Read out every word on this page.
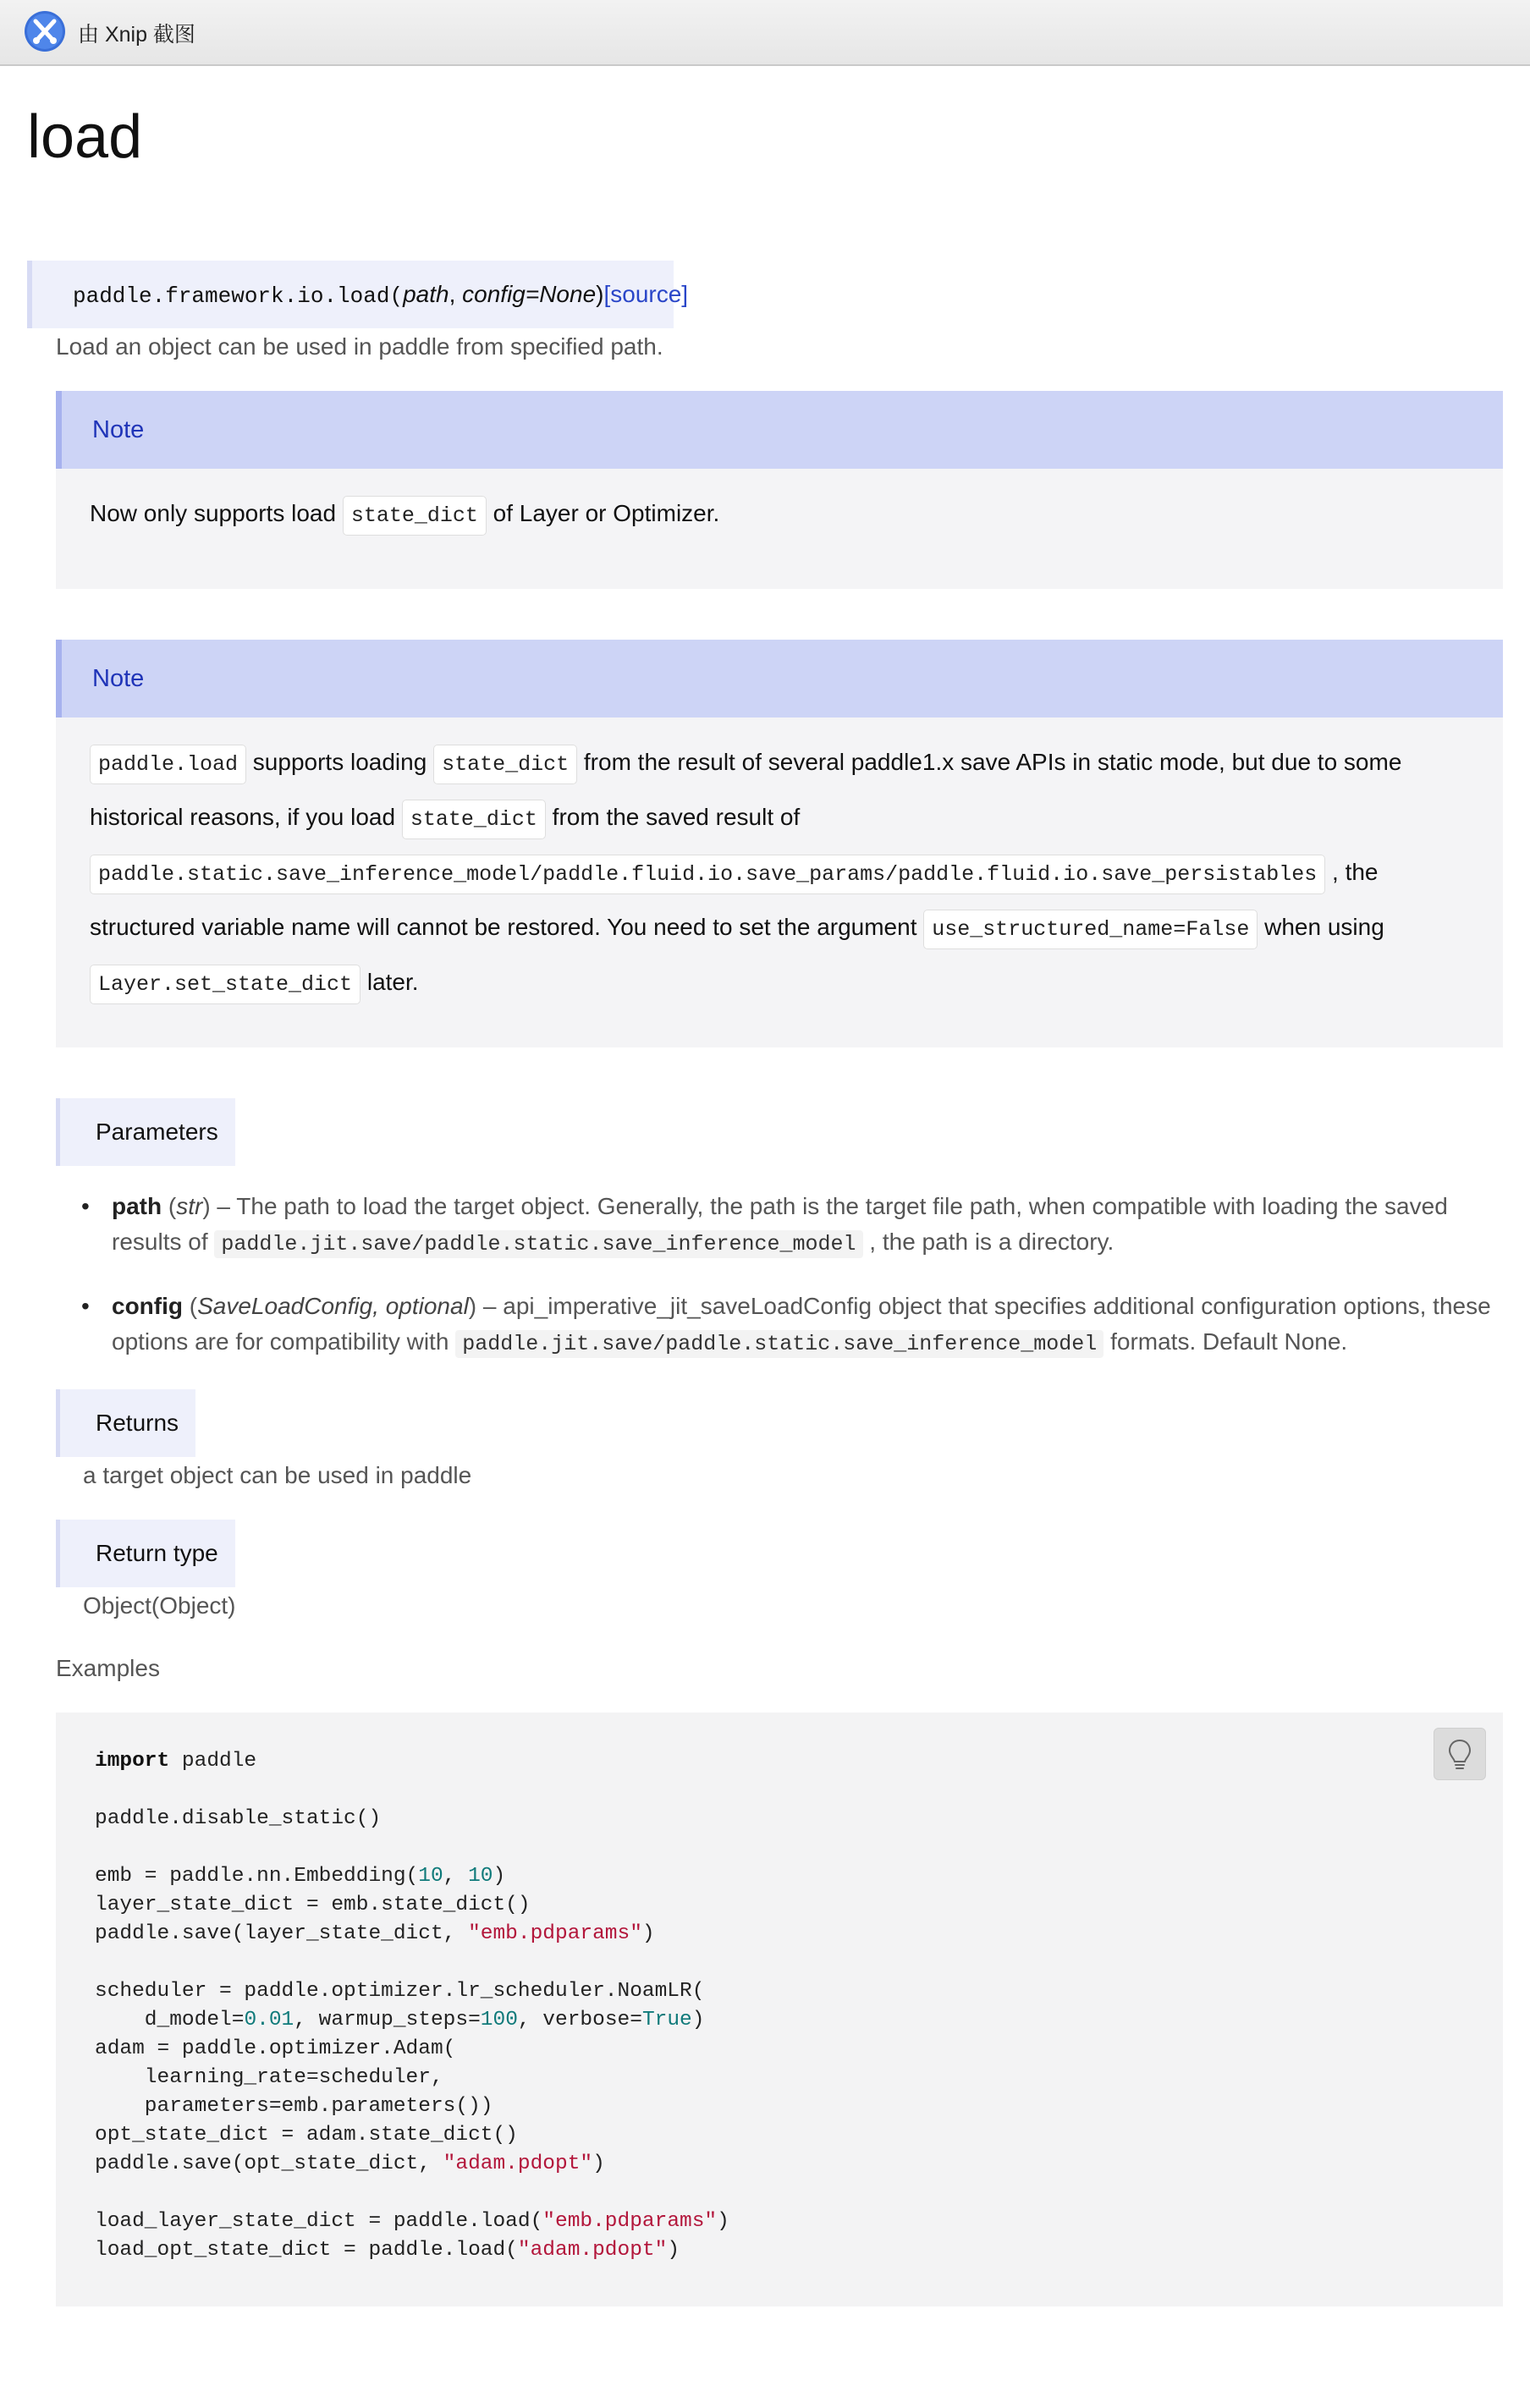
由 Xnip 截图
load
paddle.framework.io.load(path, config=None)[source]
Load an object can be used in paddle from specified path.
Note
Now only supports load state_dict of Layer or Optimizer.
Note
paddle.load supports loading state_dict from the result of several paddle1.x save APIs in static mode, but due to some historical reasons, if you load state_dict from the saved result of paddle.static.save_inference_model/paddle.fluid.io.save_params/paddle.fluid.io.save_persistables , the structured variable name will cannot be restored. You need to set the argument use_structured_name=False when using Layer.set_state_dict later.
Parameters
• path (str) – The path to load the target object. Generally, the path is the target file path, when compatible with loading the saved results of paddle.jit.save/paddle.static.save_inference_model , the path is a directory.
• config (SaveLoadConfig, optional) – api_imperative_jit_saveLoadConfig object that specifies additional configuration options, these options are for compatibility with paddle.jit.save/paddle.static.save_inference_model formats. Default None.
Returns
a target object can be used in paddle
Return type
Object(Object)
Examples
import paddle

paddle.disable_static()

emb = paddle.nn.Embedding(10, 10)
layer_state_dict = emb.state_dict()
paddle.save(layer_state_dict, "emb.pdparams")

scheduler = paddle.optimizer.lr_scheduler.NoamLR(
d_model=0.01, warmup_steps=100, verbose=True)
adam = paddle.optimizer.Adam(
learning_rate=scheduler,
parameters=emb.parameters())
opt_state_dict = adam.state_dict()
paddle.save(opt_state_dict, "adam.pdopt")

load_layer_state_dict = paddle.load("emb.pdparams")
load_opt_state_dict = paddle.load("adam.pdopt")
